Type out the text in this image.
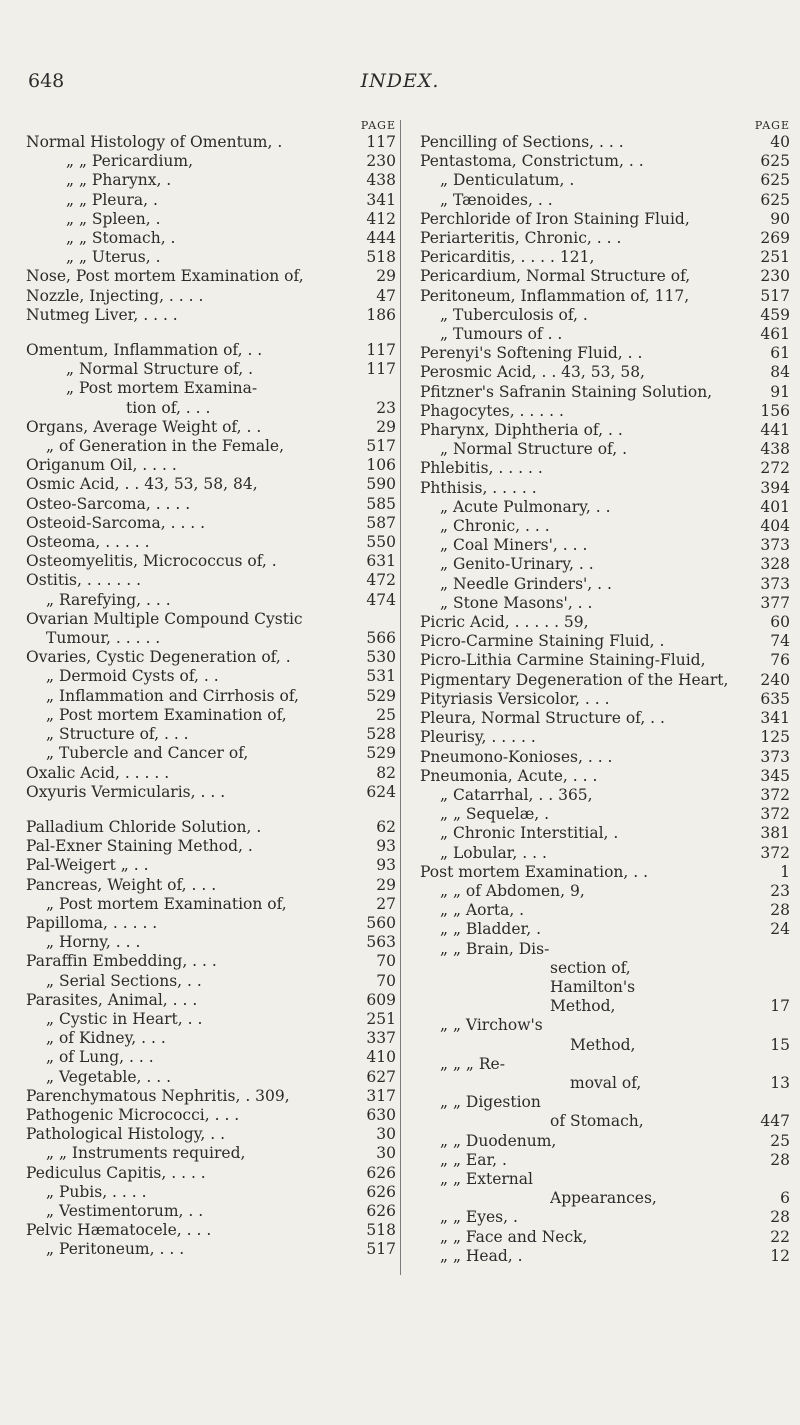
648	INDEX.
PAGE
Normal Histology of Omentum, .	117
„ „ Pericardium,	230
„ „ Pharynx, .	438
„ „ Pleura, .	341
„ „ Spleen, .	412
„ „ Stomach, .	444
„ „ Uterus, .	518
Nose, Post mortem Examination of,	29
Nozzle, Injecting, . . . .	47
Nutmeg Liver, . . . .	186
Omentum, Inflammation of, . .	117
„ Normal Structure of, .	117
„ Post mortem Examina-
tion of, . . .	23
Organs, Average Weight of, . .	29
„ of Generation in the Female,	517
Origanum Oil, . . . .	106
Osmic Acid, . . 43, 53, 58, 84,	590
Osteo-Sarcoma, . . . .	585
Osteoid-Sarcoma, . . . .	587
Osteoma, . . . . .	550
Osteomyelitis, Micrococcus of, .	631
Ostitis, . . . . . .	472
„ Rarefying, . . .	474
Ovarian Multiple Compound Cystic
Tumour, . . . . .	566
Ovaries, Cystic Degeneration of, .	530
„ Dermoid Cysts of, . .	531
„ Inflammation and Cirrhosis of,	529
„ Post mortem Examination of,	25
„ Structure of, . . .	528
„ Tubercle and Cancer of,	529
Oxalic Acid, . . . . .	82
Oxyuris Vermicularis, . . .	624
Palladium Chloride Solution, .	62
Pal-Exner Staining Method, .	93
Pal-Weigert „ . .	93
Pancreas, Weight of, . . .	29
„ Post mortem Examination of,	27
Papilloma, . . . . .	560
„ Horny, . . .	563
Paraffin Embedding, . . .	70
„ Serial Sections, . .	70
Parasites, Animal, . . .	609
„ Cystic in Heart, . .	251
„ of Kidney, . . .	337
„ of Lung, . . .	410
„ Vegetable, . . .	627
Parenchymatous Nephritis, . 309,	317
Pathogenic Micrococci, . . .	630
Pathological Histology, . .	30
„ „ Instruments required,	30
Pediculus Capitis, . . . .	626
„ Pubis, . . . .	626
„ Vestimentorum, . .	626
Pelvic Hæmatocele, . . .	518
„ Peritoneum, . . .	517
PAGE
Pencilling of Sections, . . .	40
Pentastoma, Constrictum, . .	625
„ Denticulatum, .	625
„ Tænoides, . .	625
Perchloride of Iron Staining Fluid,	90
Periarteritis, Chronic, . . .	269
Pericarditis, . . . . 121,	251
Pericardium, Normal Structure of,	230
Peritoneum, Inflammation of, 117,	517
„ Tuberculosis of, .	459
„ Tumours of . .	461
Perenyi's Softening Fluid, . .	61
Perosmic Acid, . . 43, 53, 58,	84
Pfitzner's Safranin Staining Solution,	91
Phagocytes, . . . . .	156
Pharynx, Diphtheria of, . .	441
„ Normal Structure of, .	438
Phlebitis, . . . . .	272
Phthisis, . . . . .	394
„ Acute Pulmonary, . .	401
„ Chronic, . . .	404
„ Coal Miners', . . .	373
„ Genito-Urinary, . .	328
„ Needle Grinders', . .	373
„ Stone Masons', . .	377
Picric Acid, . . . . . 59,	60
Picro-Carmine Staining Fluid, .	74
Picro-Lithia Carmine Staining-Fluid,	76
Pigmentary Degeneration of the Heart,	240
Pityriasis Versicolor, . . .	635
Pleura, Normal Structure of, . .	341
Pleurisy, . . . . .	125
Pneumono-Konioses, . . .	373
Pneumonia, Acute, . . .	345
„ Catarrhal, . . 365,	372
„ „ Sequelæ, .	372
„ Chronic Interstitial, .	381
„ Lobular, . . .	372
Post mortem Examination, . .	1
„ „ of Abdomen, 9,	23
„ „ Aorta, .	28
„ „ Bladder, .	24
„ „ Brain, Dis-
section of,
Hamilton's
Method,	17
„ „ Virchow's
Method,	15
„ „ „ Re-
moval of,	13
„ „ Digestion
of Stomach,	447
„ „ Duodenum,	25
„ „ Ear, .	28
„ „ External
Appearances,	6
„ „ Eyes, .	28
„ „ Face and Neck,	22
„ „ Head, .	12
